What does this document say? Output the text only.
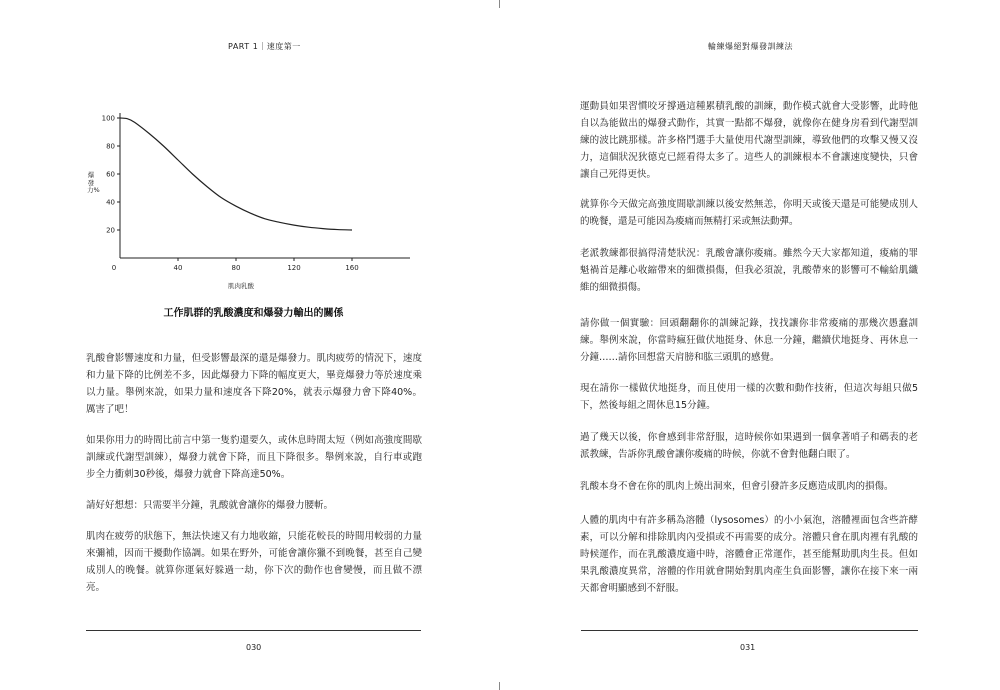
PART 1｜速度第一
0	40	80	120	160
20
40
60
80
100
爆發力%
肌肉乳酸
工作肌群的乳酸濃度和爆發力輸出的關係

乳酸會影響速度和力量，但受影響最深的還是爆發力。肌肉疲勞的情況下，速度和力量下降的比例差不多，因此爆發力下降的幅度更大，畢竟爆發力等於速度乘以力量。舉例來說，如果力量和速度各下降20%，就表示爆發力會下降40%。厲害了吧！

如果你用力的時間比前言中第一隻豹還要久，或休息時間太短（例如高強度間歇訓練或代謝型訓練），爆發力就會下降，而且下降很多。舉例來說，自行車或跑步全力衝刺30秒後，爆發力就會下降高達50%。

請好好想想：只需要半分鐘，乳酸就會讓你的爆發力腰斬。

肌肉在疲勞的狀態下，無法快速又有力地收縮，只能花較長的時間用較弱的力量來彌補，因而干擾動作協調。如果在野外，可能會讓你獵不到晚餐，甚至自己變成別人的晚餐。就算你運氣好躲過一劫，你下次的動作也會變慢，而且做不漂亮。

030
輪練爆絕對爆發訓練法

運動員如果習慣咬牙撐過這種累積乳酸的訓練，動作模式就會大受影響，此時他自以為能做出的爆發式動作，其實一點都不爆發，就像你在健身房看到代謝型訓練的波比跳那樣。許多格鬥選手大量使用代謝型訓練，導致他們的攻擊又慢又沒力，這個狀況狄德克已經看得太多了。這些人的訓練根本不會讓速度變快，只會讓自己死得更快。

就算你今天做完高強度間歇訓練以後安然無恙，你明天或後天還是可能變成別人的晚餐，還是可能因為痠痛而無精打采或無法動彈。

老派教練都很搞得清楚狀況：乳酸會讓你痠痛。雖然今天大家都知道，痠痛的罪魁禍首是離心收縮帶來的細微損傷，但我必須說，乳酸帶來的影響可不輸給肌纖維的細微損傷。

請你做一個實驗：回頭翻翻你的訓練記錄，找找讓你非常痠痛的那幾次愚蠢訓練。舉例來說，你當時瘋狂做伏地挺身、休息一分鐘，繼續伏地挺身、再休息一分鐘……請你回想當天肩膀和肱三頭肌的感覺。

現在請你一樣做伏地挺身，而且使用一樣的次數和動作技術，但這次每組只做5下，然後每組之間休息15分鐘。

過了幾天以後，你會感到非常舒服，這時候你如果遇到一個拿著哨子和碼表的老派教練，告訴你乳酸會讓你痠痛的時候，你就不會對他翻白眼了。

乳酸本身不會在你的肌肉上燒出洞來，但會引發許多反應造成肌肉的損傷。

人體的肌肉中有許多稱為溶體（lysosomes）的小小氣泡，溶體裡面包含些許酵素，可以分解和排除肌肉內受損或不再需要的成分。溶體只會在肌肉裡有乳酸的時候運作，而在乳酸濃度適中時，溶體會正常運作，甚至能幫助肌肉生長。但如果乳酸濃度異常，溶體的作用就會開始對肌肉產生負面影響，讓你在接下來一兩天都會明顯感到不舒服。

031
